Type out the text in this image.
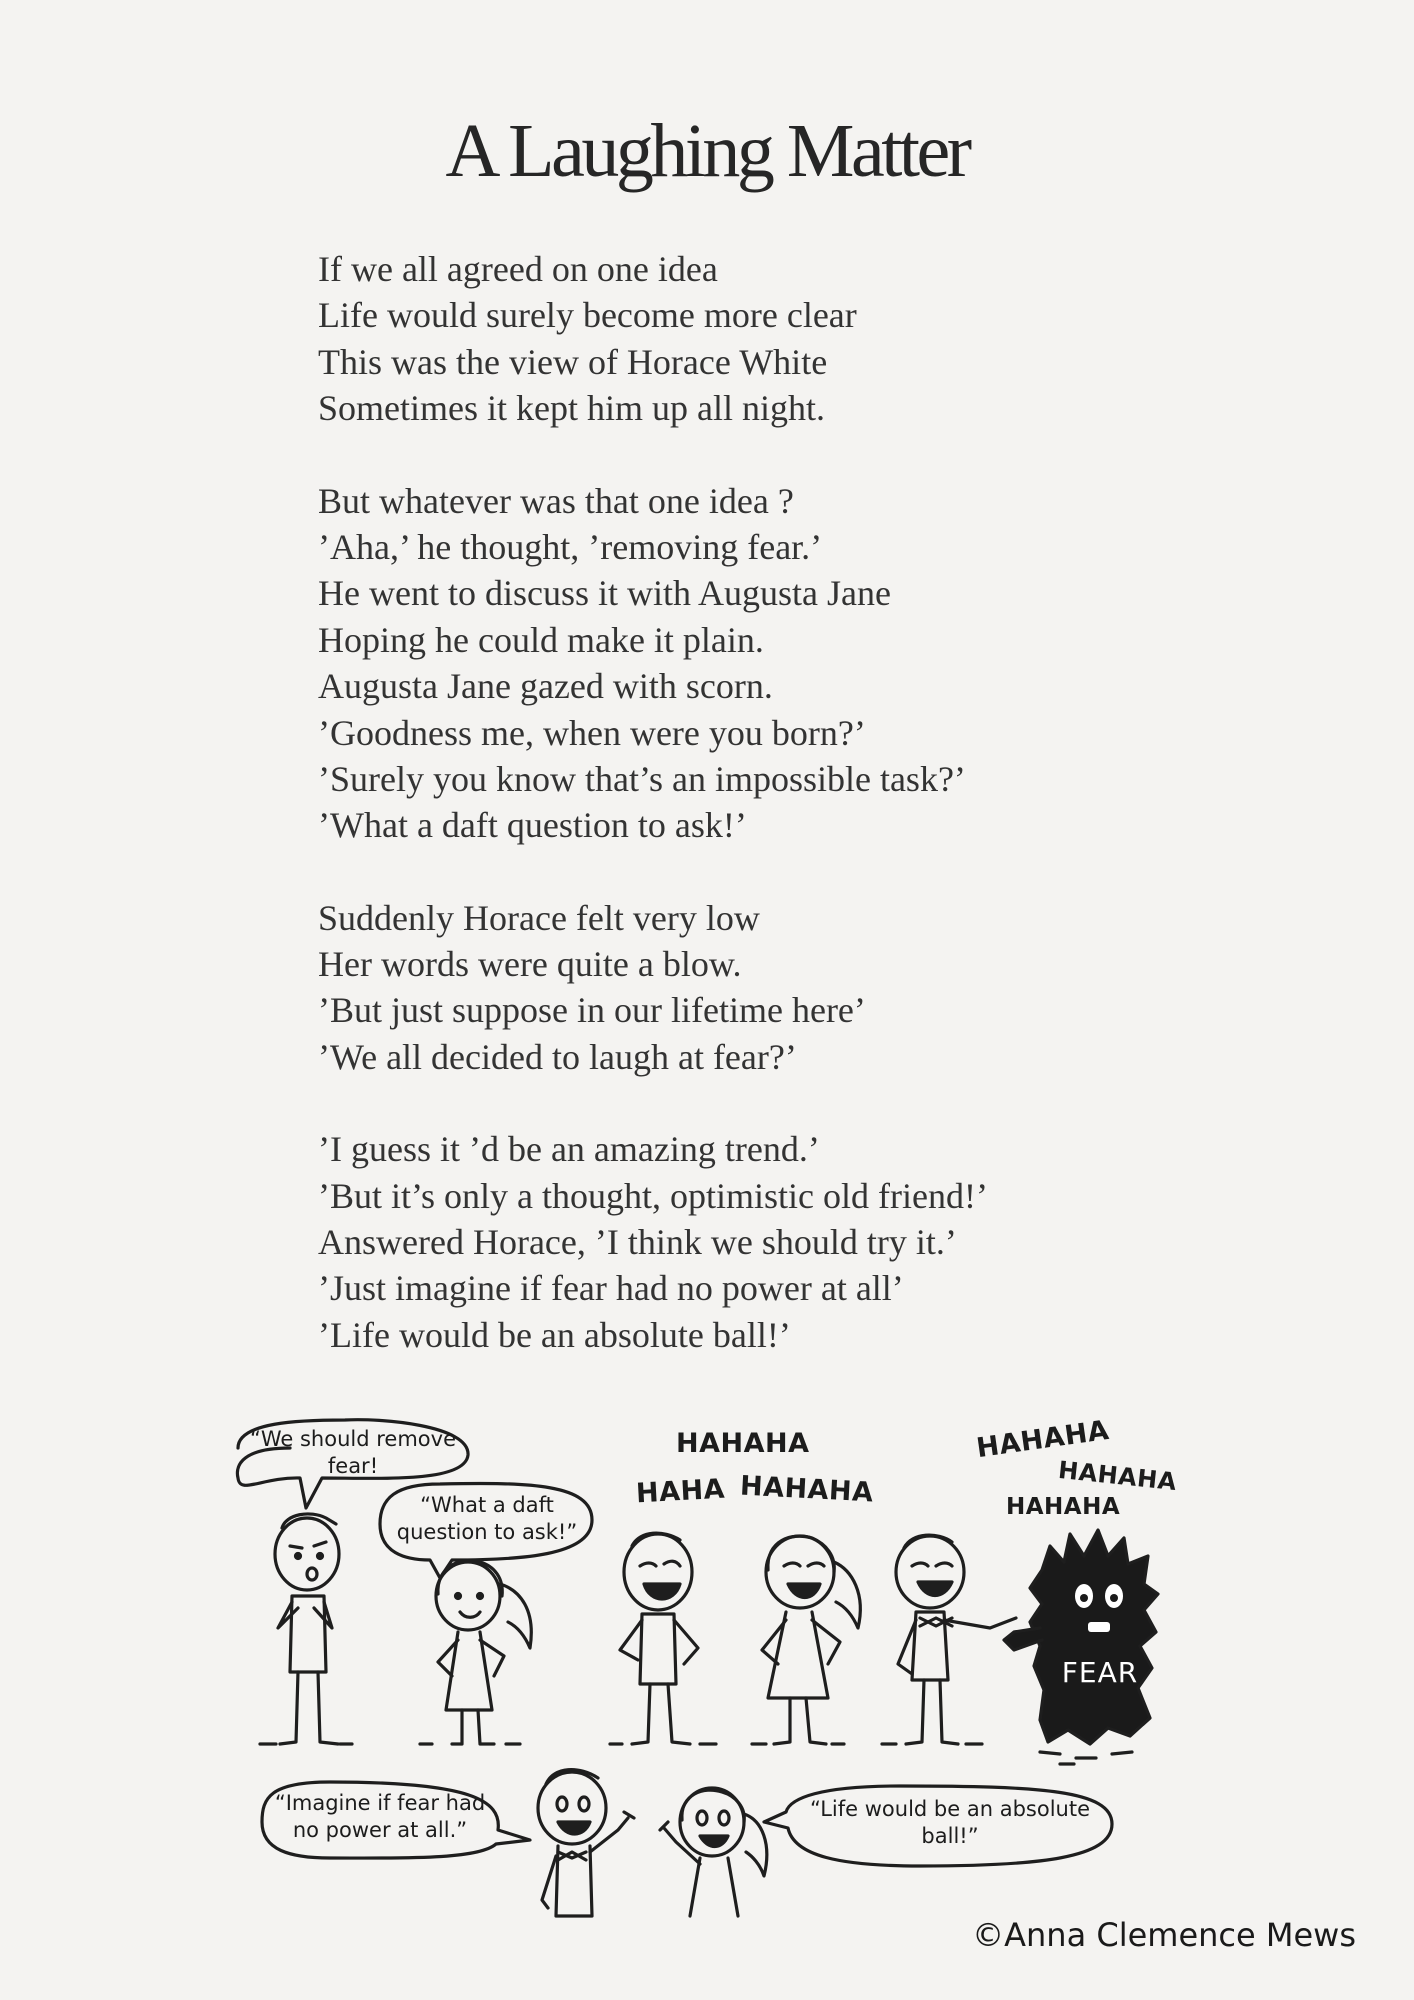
A Laughing Matter
If we all agreed on one idea
Life would surely become more clear
This was the view of Horace White
Sometimes it kept him up all night.
But whatever was that one idea ?
’Aha,’ he thought, ’removing fear.’
He went to discuss it with Augusta Jane
Hoping he could make it plain.
Augusta Jane gazed with scorn.
’Goodness me, when were you born?’
’Surely you know that’s an impossible task?’
’What a daft question to ask!’
Suddenly Horace felt very low
Her words were quite a blow.
’But just suppose in our lifetime here’
’We all decided to laugh at fear?’
’I guess it ’d be an amazing trend.’
’But it’s only a thought, optimistic old friend!’
Answered Horace, ’I think we should try it.’
’Just imagine if fear had no power at all’
’Life would be an absolute ball!’
“We should remove
fear!
“What a daft
question to ask!”
“Imagine if fear had
no power at all.”
“Life would be an absolute
ball!”
HAHAHA
HAHA HAHAHA
HAHAHA
HAHAHA
HAHAHA
FEAR
©Anna Clemence Mews
